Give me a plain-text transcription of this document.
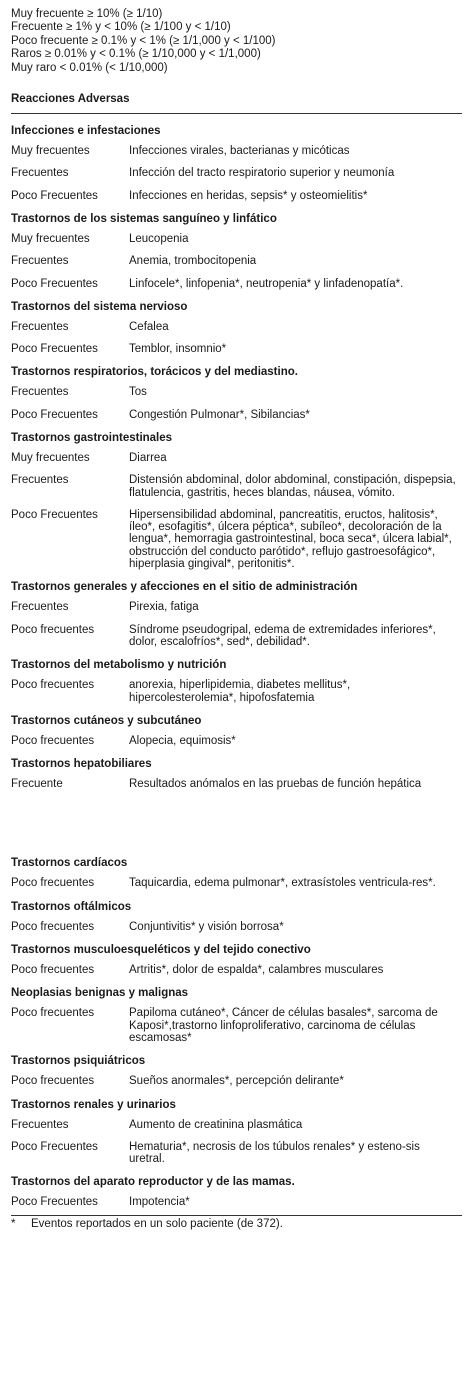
Muy frecuente ≥ 10% (≥ 1/10)
Frecuente ≥ 1% y < 10% (≥ 1/100 y < 1/10)
Poco frecuente ≥ 0.1% y < 1% (≥ 1/1,000 y < 1/100)
Raros ≥ 0.01% y < 0.1% (≥ 1/10,000 y < 1/1,000)
Muy raro < 0.01% (< 1/10,000)
Reacciones Adversas
Infecciones e infestaciones
Muy frecuentes	Infecciones virales, bacterianas y micóticas
Frecuentes	Infección del tracto respiratorio superior y neumonía
Poco Frecuentes	Infecciones en heridas, sepsis* y osteomielitis*
Trastornos de los sistemas sanguíneo y linfático
Muy frecuentes	Leucopenia
Frecuentes	Anemia, trombocitopenia
Poco Frecuentes	Linfocele*, linfopenia*, neutropenia* y linfadenopatía*.
Trastornos del sistema nervioso
Frecuentes	Cefalea
Poco Frecuentes	Temblor, insomnio*
Trastornos respiratorios, torácicos y del mediastino.
Frecuentes	Tos
Poco Frecuentes	Congestión Pulmonar*, Sibilancias*
Trastornos gastrointestinales
Muy frecuentes	Diarrea
Frecuentes	Distensión abdominal, dolor abdominal, constipación, dispepsia, flatulencia, gastritis, heces blandas, náusea, vómito.
Poco Frecuentes	Hipersensibilidad abdominal, pancreatitis, eructos, halitosis*, íleo*, esofagitis*, úlcera péptica*, subíleo*, decoloración de la lengua*, hemorragia gastrointestinal, boca seca*, úlcera labial*, obstrucción del conducto parótido*, reflujo gastroesofágico*, hiperplasia gingival*, peritonitis*.
Trastornos generales y afecciones en el sitio de administración
Frecuentes	Pirexia, fatiga
Poco frecuentes	Síndrome pseudogripal, edema de extremidades inferiores*, dolor, escalofríos*, sed*, debilidad*.
Trastornos del metabolismo y nutrición
Poco frecuentes	anorexia, hiperlipidemia, diabetes mellitus*, hipercolesterolemia*, hipofosfatemia
Trastornos cutáneos y subcutáneo
Poco frecuentes	Alopecia, equimosis*
Trastornos hepatobiliares
Frecuente	Resultados anómalos en las pruebas de función hepática
Trastornos cardíacos
Poco frecuentes	Taquicardia, edema pulmonar*, extrasístoles ventricula-res*.
Trastornos oftálmicos
Poco frecuentes	Conjuntivitis* y visión borrosa*
Trastornos musculoesqueléticos y del tejido conectivo
Poco frecuentes	Artritis*, dolor de espalda*, calambres musculares
Neoplasias benignas y malignas
Poco frecuentes	Papiloma cutáneo*, Cáncer de células basales*, sarcoma de Kaposi*,trastorno linfoproliferativo, carcinoma de células escamosas*
Trastornos psiquiátricos
Poco frecuentes	Sueños anormales*, percepción delirante*
Trastornos renales y urinarios
Frecuentes	Aumento de creatinina plasmática
Poco Frecuentes	Hematuria*, necrosis de los túbulos renales* y esteno-sis uretral.
Trastornos del aparato reproductor y de las mamas.
Poco Frecuentes	Impotencia*
*	Eventos reportados en un solo paciente (de 372).
